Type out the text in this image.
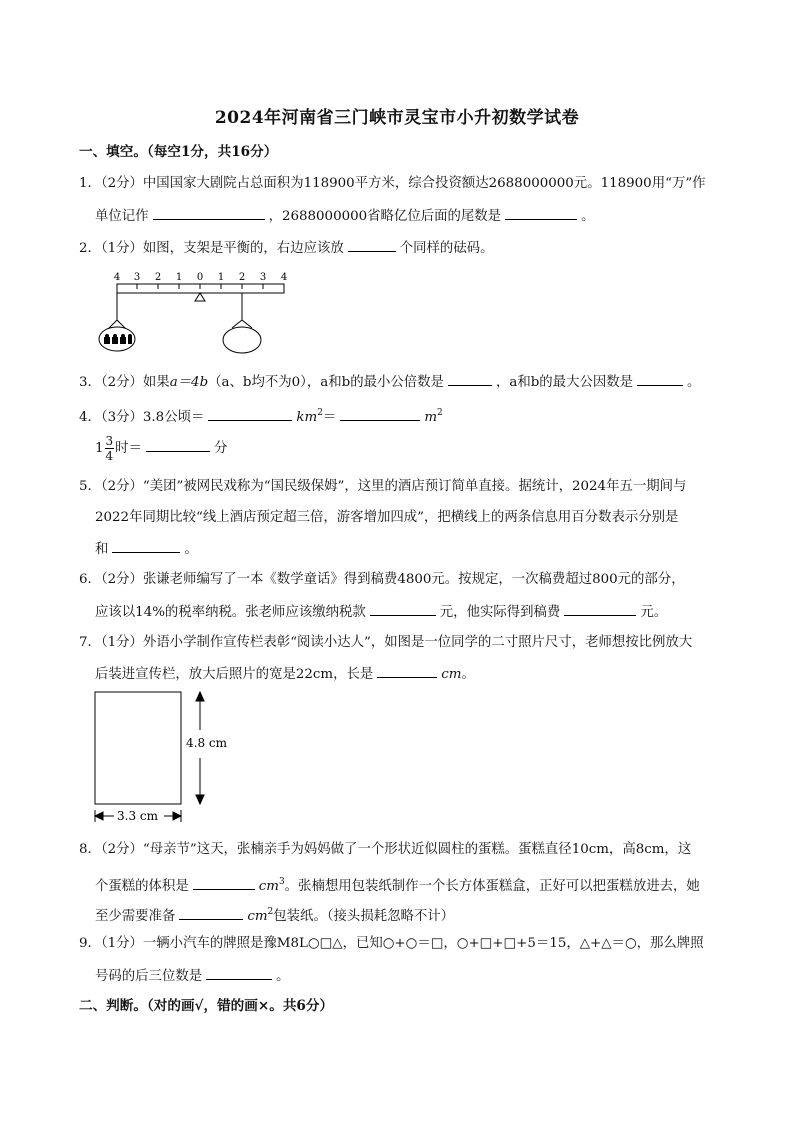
2024年河南省三门峡市灵宝市小升初数学试卷
一、填空。（每空1分，共16分）
1．（2分）中国国家大剧院占总面积为118900平方米，综合投资额达2688000000元。118900用“万”作
单位记作	，2688000000省略亿位后面的尾数是	。
2．（1分）如图，支架是平衡的，右边应该放	个同样的砝码。
4 3 2 1 0 1 2 3 4
3．（2分）如果a＝4b（a、b均不为0），a和b的最小公倍数是	，a和b的最大公因数是	。
4．（3分）3.8公顷＝	$km^2=$	$m^2$
$1 \frac{3}{4}$ 时＝	分
5．（2分）“美团”被网民戏称为“国民级保姆”，这里的酒店预订简单直接。据统计，2024年五一期间与
2022年同期比较“线上酒店预定超三倍，游客增加四成”，把横线上的两条信息用百分数表示分别是
和	。
6．（2分）张谦老师编写了一本《数学童话》得到稿费4800元。按规定，一次稿费超过800元的部分，
应该以14%的税率纳税。张老师应该缴纳税款	元，他实际得到稿费	元。
7．（1分）外语小学制作宣传栏表彰“阅读小达人”，如图是一位同学的二寸照片尺寸，老师想按比例放大
后装进宣传栏，放大后照片的宽是22cm，长是	cm。
4.8 cm
3.3 cm
8．（2分）“母亲节”这天，张楠亲手为妈妈做了一个形状近似圆柱的蛋糕。蛋糕直径10cm，高8cm，这
个蛋糕的体积是	$cm^3$。张楠想用包装纸制作一个长方体蛋糕盒，正好可以把蛋糕放进去，她
至少需要准备	$cm^2$包装纸。（接头损耗忽略不计）
9．（1分）一辆小汽车的牌照是豫M8L○□△，已知○+○＝□，○+□+□+5＝15，△+△＝○，那么牌照
号码的后三位数是	。
二、判断。（对的画√，错的画×。共6分）
